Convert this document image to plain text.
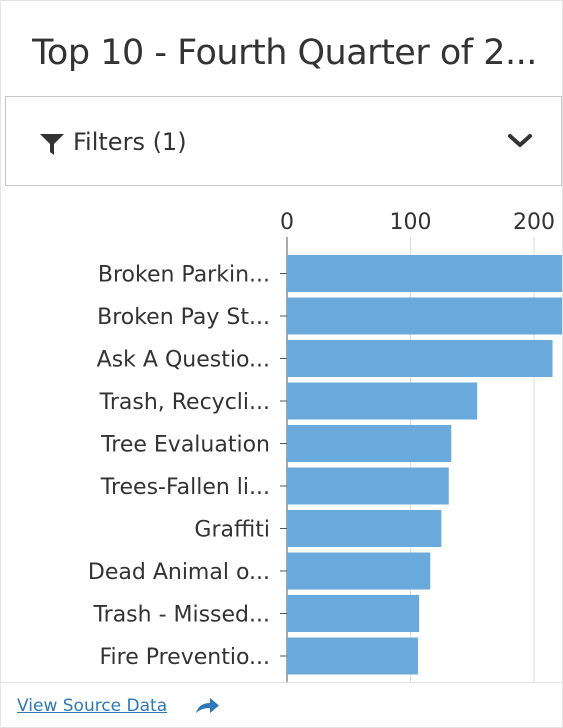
Top 10 - Fourth Quarter of 2...
Filters (1)
0	100	200
Broken Parkin...
Broken Pay St...
Ask A Questio...
Trash, Recycli...
Tree Evaluation
Trees-Fallen li...
Graffiti
Dead Animal o...
Trash - Missed...
Fire Preventio...
View Source Data
